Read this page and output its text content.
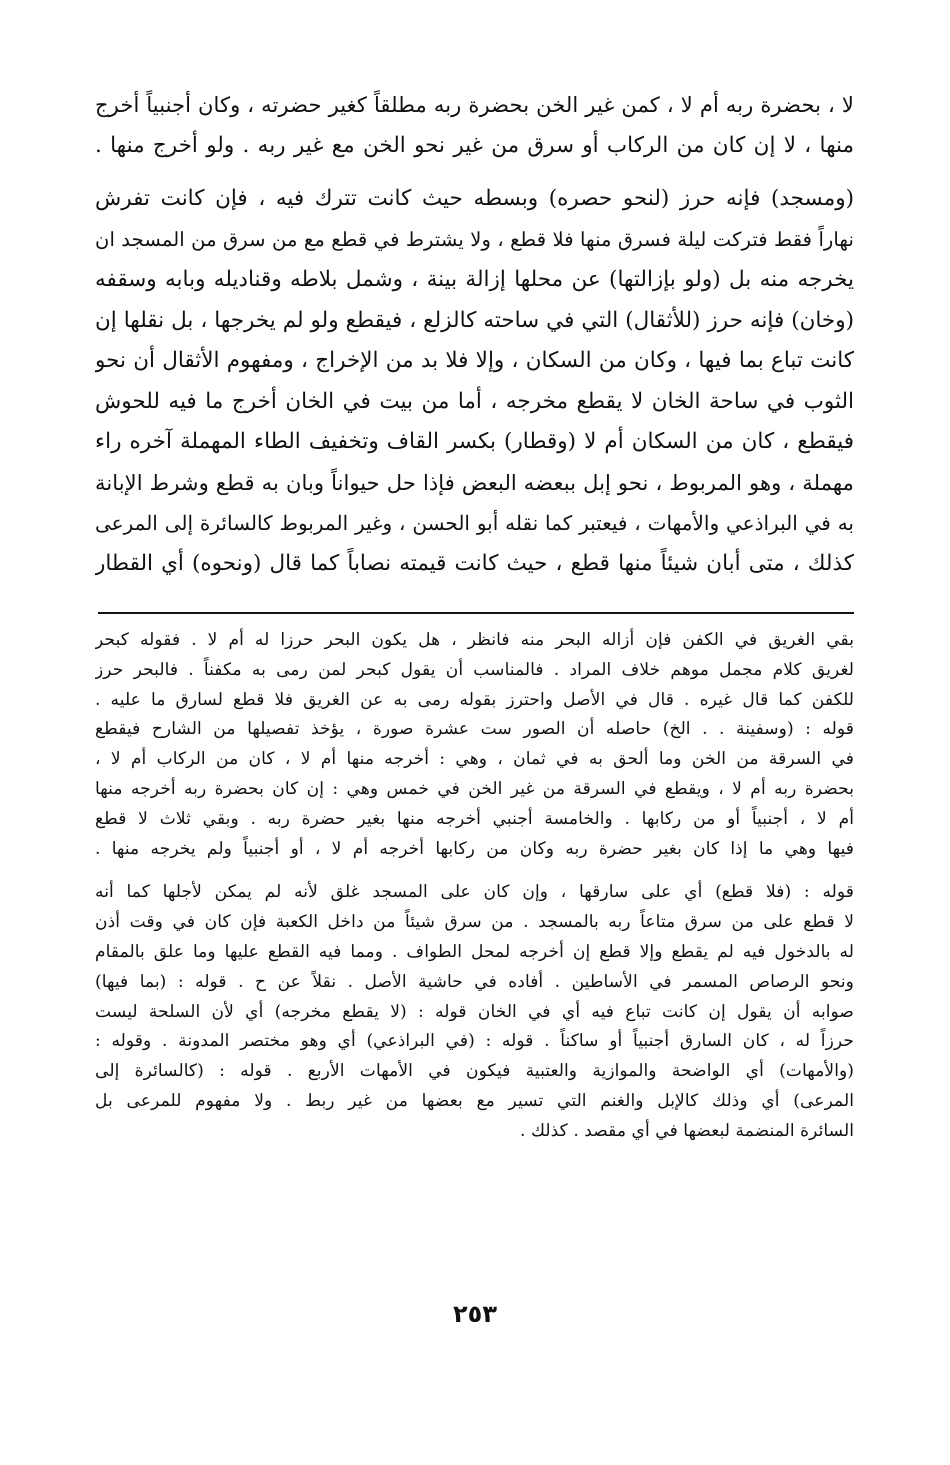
لا ، بحضرة ربه أم لا ، كمن غير الخن بحضرة ربه مطلقاً كغير حضرته ، وكان أجنبياً أخرج
منها ، لا إن كان من الركاب أو سرق من غير نحو الخن مع غير ربه . ولو أخرج منها .
(ومسجد) فإنه حرز (لنحو حصره) وبسطه حيث كانت تترك فيه ، فإن كانت تفرش
نهاراً فقط فتركت ليلة فسرق منها فلا قطع ، ولا يشترط في قطع مع من سرق من المسجد ان
يخرجه منه بل (ولو بإزالتها) عن محلها إزالة بينة ، وشمل بلاطه وقناديله وبابه وسقفه
(وخان) فإنه حرز (للأثقال) التي في ساحته كالزلع ، فيقطع ولو لم يخرجها ، بل نقلها إن
كانت تباع بما فيها ، وكان من السكان ، وإلا فلا بد من الإخراج ، ومفهوم الأثقال أن نحو
الثوب في ساحة الخان لا يقطع مخرجه ، أما من بيت في الخان أخرج ما فيه للحوش
فيقطع ، كان من السكان أم لا (وقطار) بكسر القاف وتخفيف الطاء المهملة آخره راء
مهملة ، وهو المربوط ، نحو إبل ببعضه البعض فإذا حل حيواناً وبان به قطع وشرط الإبانة
به في البراذعي والأمهات ، فيعتبر كما نقله أبو الحسن ، وغير المربوط كالسائرة إلى المرعى
كذلك ، متى أبان شيئاً منها قطع ، حيث كانت قيمته نصاباً كما قال (ونحوه) أي القطار
بقي الغريق في الكفن فإن أزاله البحر منه فانظر ، هل يكون البحر حرزا له أم لا . فقوله كبحر
لغريق كلام مجمل موهم خلاف المراد . فالمناسب أن يقول كبحر لمن رمى به مكفناً . فالبحر حرز
للكفن كما قال غيره . قال في الأصل واحترز بقوله رمى به عن الغريق فلا قطع لسارق ما عليه .
قوله : (وسفينة . . الخ) حاصله أن الصور ست عشرة صورة ، يؤخذ تفصيلها من الشارح فيقطع
في السرقة من الخن وما ألحق به في ثمان ، وهي : أخرجه منها أم لا ، كان من الركاب أم لا ،
بحضرة ربه أم لا ، ويقطع في السرقة من غير الخن في خمس وهي : إن كان بحضرة ربه أخرجه منها
أم لا ، أجنبياً أو من ركابها . والخامسة أجنبي أخرجه منها بغير حضرة ربه . وبقي ثلاث لا قطع
فيها وهي ما إذا كان بغير حضرة ربه وكان من ركابها أخرجه أم لا ، أو أجنبياً ولم يخرجه منها .
قوله : (فلا قطع) أي على سارقها ، وإن كان على المسجد غلق لأنه لم يمكن لأجلها كما أنه
لا قطع على من سرق متاعاً ربه بالمسجد . من سرق شيئاً من داخل الكعبة فإن كان في وقت أذن
له بالدخول فيه لم يقطع وإلا قطع إن أخرجه لمحل الطواف . ومما فيه القطع عليها وما علق بالمقام
ونحو الرصاص المسمر في الأساطين . أفاده في حاشية الأصل . نقلاً عن ح . قوله : (بما فيها)
صوابه أن يقول إن كانت تباع فيه أي في الخان قوله : (لا يقطع مخرجه) أي لأن السلحة ليست
حرزاً له ، كان السارق أجنبياً أو ساكناً . قوله : (في البراذعي) أي وهو مختصر المدونة . وقوله :
(والأمهات) أي الواضحة والموازية والعتبية فيكون في الأمهات الأربع . قوله : (كالسائرة إلى
المرعى) أي وذلك كالإبل والغنم التي تسير مع بعضها من غير ربط . ولا مفهوم للمرعى بل
السائرة المنضمة لبعضها في أي مقصد . كذلك .
٢٥٣
